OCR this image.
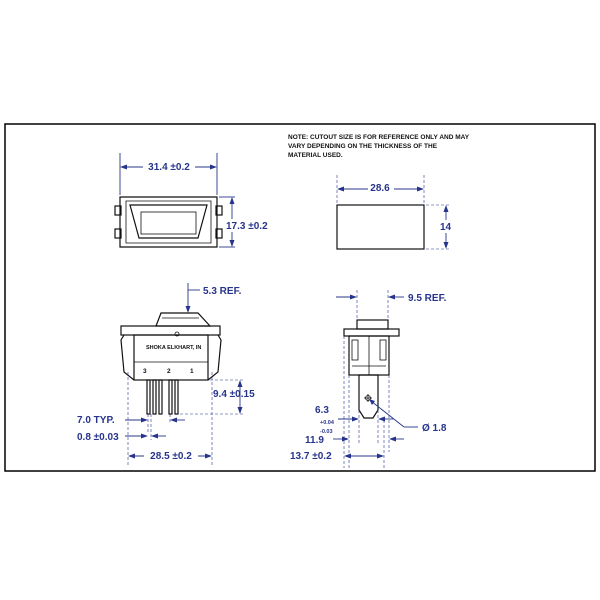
NOTE: CUTOUT SIZE IS FOR REFERENCE ONLY AND MAY
VARY DEPENDING ON THE THICKNESS OF THE
MATERIAL USED.
31.4 ±0.2
17.3 ±0.2
28.6
14
SHOKA ELKHART, IN
3	2	1
5.3 REF.
9.4 ±0.15
7.0 TYP.
0.8 ±0.03
28.5 ±0.2
9.5 REF.
6.3
+0.04
-0.03	Ø 1.8
11.9
13.7 ±0.2
